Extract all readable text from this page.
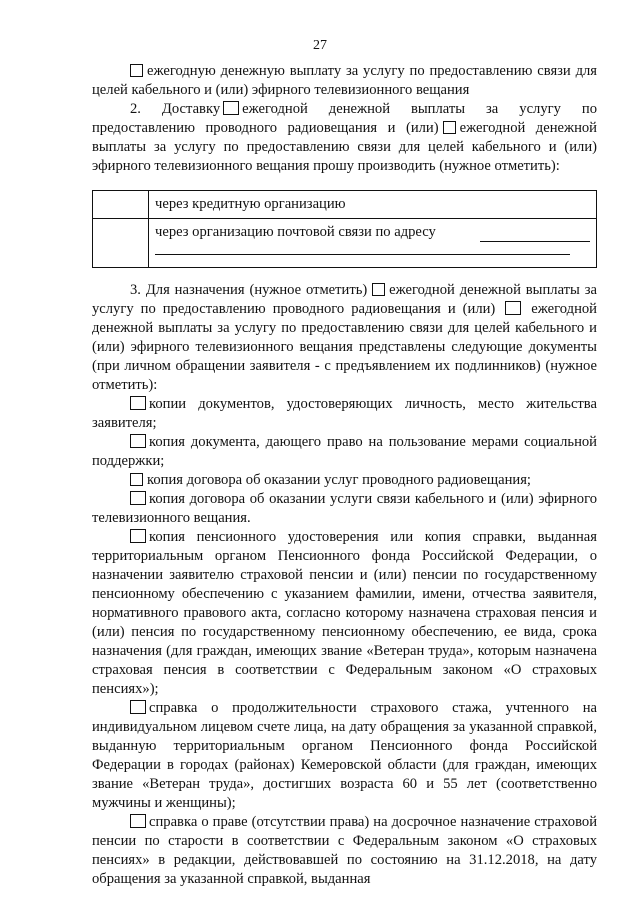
27

ежегодную денежную выплату за услугу по предоставлению связи для целей кабельного и (или) эфирного телевизионного вещания

2. Доставку ежегодной денежной выплаты за услугу по предоставлению проводного радиовещания и (или) ежегодной денежной выплаты за услугу по предоставлению связи для целей кабельного и (или) эфирного телевизионного вещания прошу производить (нужное отметить):

	через кредитную организацию

	через организацию почтовой связи по адресу

3. Для назначения (нужное отметить) ежегодной денежной выплаты за услугу по предоставлению проводного радиовещания и (или) ежегодной денежной выплаты за услугу по предоставлению связи для целей кабельного и (или) эфирного телевизионного вещания представлены следующие документы (при личном обращении заявителя - с предъявлением их подлинников) (нужное отметить):

копии документов, удостоверяющих личность, место жительства заявителя;

копия документа, дающего право на пользование мерами социальной поддержки;

копия договора об оказании услуг проводного радиовещания;

копия договора об оказании услуги связи кабельного и (или) эфирного телевизионного вещания.

копия пенсионного удостоверения или копия справки, выданная территориальным органом Пенсионного фонда Российской Федерации, о назначении заявителю страховой пенсии и (или) пенсии по государственному пенсионному обеспечению с указанием фамилии, имени, отчества заявителя, нормативного правового акта, согласно которому назначена страховая пенсия и (или) пенсия по государственному пенсионному обеспечению, ее вида, срока назначения (для граждан, имеющих звание «Ветеран труда», которым назначена страховая пенсия в соответствии с Федеральным законом «О страховых пенсиях»);

справка о продолжительности страхового стажа, учтенного на индивидуальном лицевом счете лица, на дату обращения за указанной справкой, выданную территориальным органом Пенсионного фонда Российской Федерации в городах (районах) Кемеровской области (для граждан, имеющих звание «Ветеран труда», достигших возраста 60 и 55 лет (соответственно мужчины и женщины);

справка о праве (отсутствии права) на досрочное назначение страховой пенсии по старости в соответствии с Федеральным законом «О страховых пенсиях» в редакции, действовавшей по состоянию на 31.12.2018, на дату обращения за указанной справкой, выданная
